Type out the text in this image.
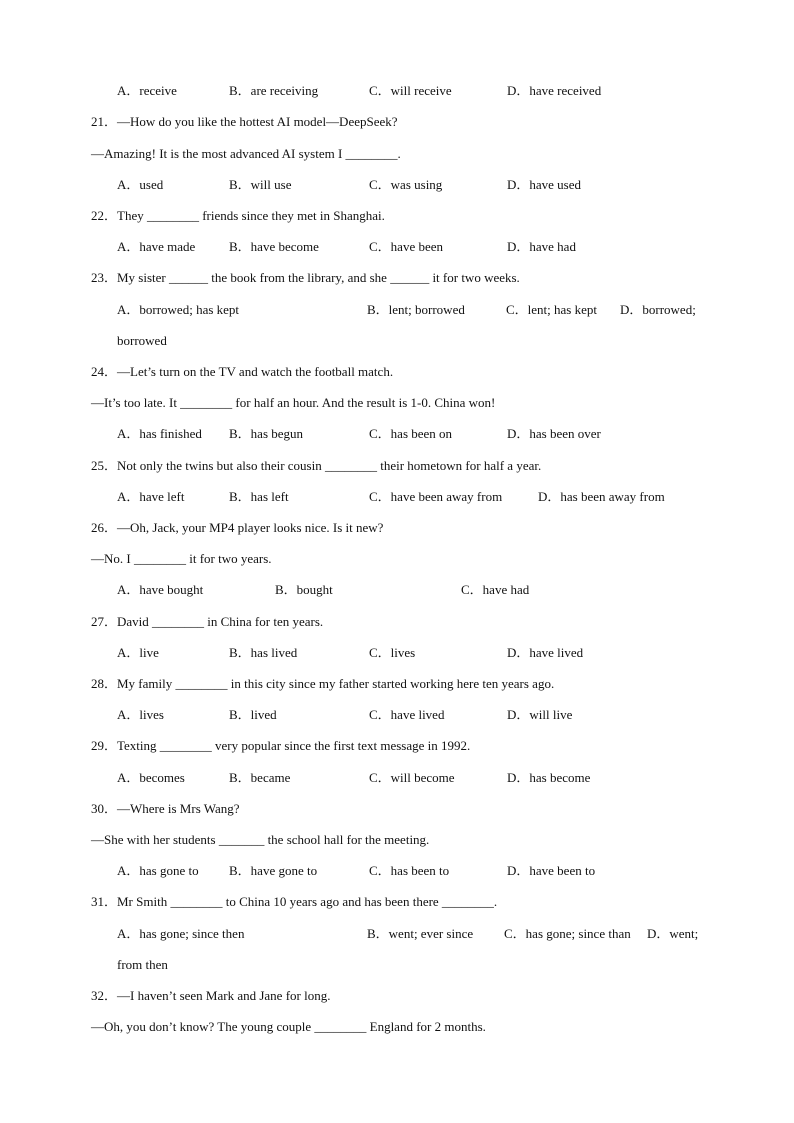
A．receive	B．are receiving	C．will receive	D．have received
21．—How do you like the hottest AI model—DeepSeek?
—Amazing! It is the most advanced AI system I ________.
A．used	B．will use	C．was using	D．have used
22．They ________ friends since they met in Shanghai.
A．have made	B．have become	C．have been	D．have had
23．My sister ______ the book from the library, and she ______ it for two weeks.
A．borrowed; has kept	B．lent; borrowed	C．lent; has kept D．borrowed;
borrowed
24．—Let’s turn on the TV and watch the football match.
—It’s too late. It ________ for half an hour. And the result is 1-0. China won!
A．has finished B．has begun	C．has been on	D．has been over
25．Not only the twins but also their cousin ________ their hometown for half a year.
A．have left	B．has left	C．have been away from	D．has been away from
26．—Oh, Jack, your MP4 player looks nice. Is it new?
—No. I ________ it for two years.
A．have bought	B．bought	C．have had
27．David ________ in China for ten years.
A．live	B．has lived	C．lives	D．have lived
28．My family ________ in this city since my father started working here ten years ago.
A．lives	B．lived	C．have lived	D．will live
29．Texting ________ very popular since the first text message in 1992.
A．becomes	B．became	C．will become	D．has become
30．—Where is Mrs Wang?
—She with her students _______ the school hall for the meeting.
A．has gone to B．have gone to	C．has been to	D．have been to
31．Mr Smith ________ to China 10 years ago and has been there ________.
A．has gone; since then	B．went; ever since C．has gone; since than D．went;
from then
32．—I haven’t seen Mark and Jane for long.
—Oh, you don’t know? The young couple ________ England for 2 months.
